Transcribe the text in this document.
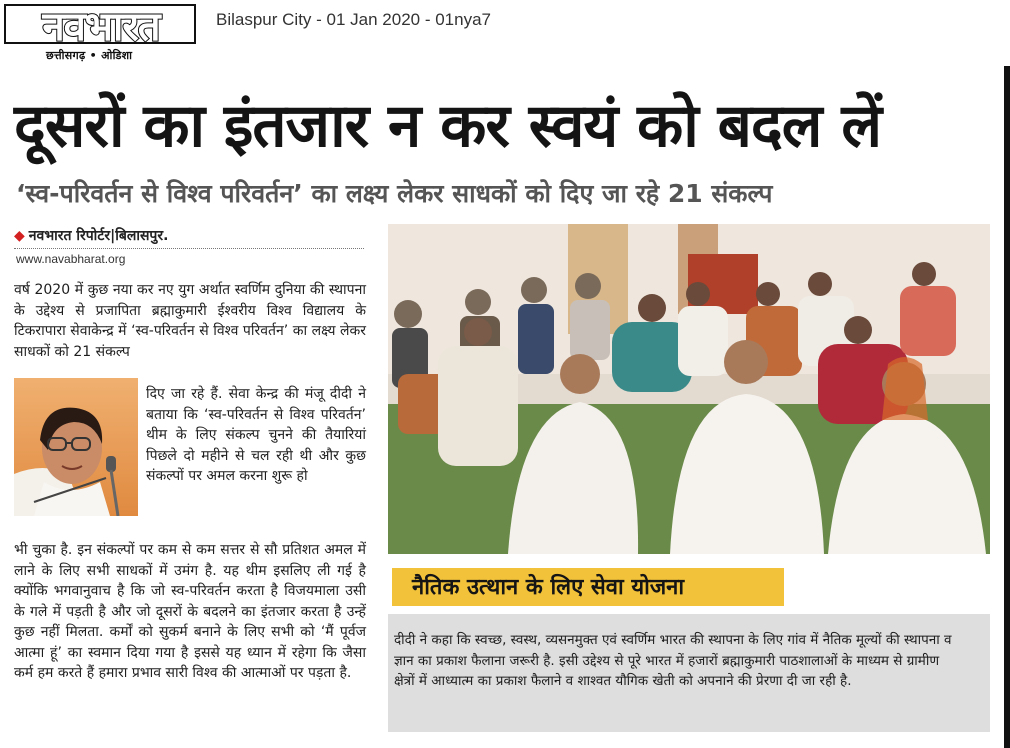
नवभारत
छत्तीसगढ़ • ओडिशा
Bilaspur City - 01 Jan 2020 - 01nya7
दूसरों का इंतजार न कर स्वयं को बदल लें
‘स्व-परिवर्तन से विश्व परिवर्तन’ का लक्ष्य लेकर साधकों को दिए जा रहे 21 संकल्प
◆ नवभारत रिपोर्टर|बिलासपुर.
www.navabharat.org
वर्ष 2020 में कुछ नया कर नए युग अर्थात स्वर्णिम दुनिया की स्थापना के उद्देश्य से प्रजापिता ब्रह्माकुमारी ईश्वरीय विश्व विद्यालय के टिकरापारा सेवाकेन्द्र में ‘स्व-परिवर्तन से विश्व परिवर्तन’ का लक्ष्य लेकर साधकों को 21 संकल्प
दिए जा रहे हैं. सेवा केन्द्र की मंजू दीदी ने बताया कि ‘स्व-परिवर्तन से विश्व परिवर्तन’ थीम के लिए संकल्प चुनने की तैयारियां पिछले दो महीने से चल रही थी और कुछ संकल्पों पर अमल करना शुरू हो
भी चुका है. इन संकल्पों पर कम से कम सत्तर से सौ प्रतिशत अमल में लाने के लिए सभी साधकों में उमंग है. यह थीम इसलिए ली गई है क्योंकि भगवानुवाच है कि जो स्व-परिवर्तन करता है विजयमाला उसी के गले में पड़ती है और जो दूसरों के बदलने का इंतजार करता है उन्हें कुछ नहीं मिलता. कर्मों को सुकर्म बनाने के लिए सभी को ‘मैं पूर्वज आत्मा हूं’ का स्वमान दिया गया है इससे यह ध्यान में रहेगा कि जैसा कर्म हम करते हैं हमारा प्रभाव सारी विश्व की आत्माओं पर पड़ता है.
नैतिक उत्थान के लिए सेवा योजना
दीदी ने कहा कि स्वच्छ, स्वस्थ, व्यसनमुक्त एवं स्वर्णिम भारत की स्थापना के लिए गांव में नैतिक मूल्यों की स्थापना व ज्ञान का प्रकाश फैलाना जरूरी है. इसी उद्देश्य से पूरे भारत में हजारों ब्रह्माकुमारी पाठशालाओं के माध्यम से ग्रामीण क्षेत्रों में आध्यात्म का प्रकाश फैलाने व शाश्वत यौगिक खेती को अपनाने की प्रेरणा दी जा रही है.
